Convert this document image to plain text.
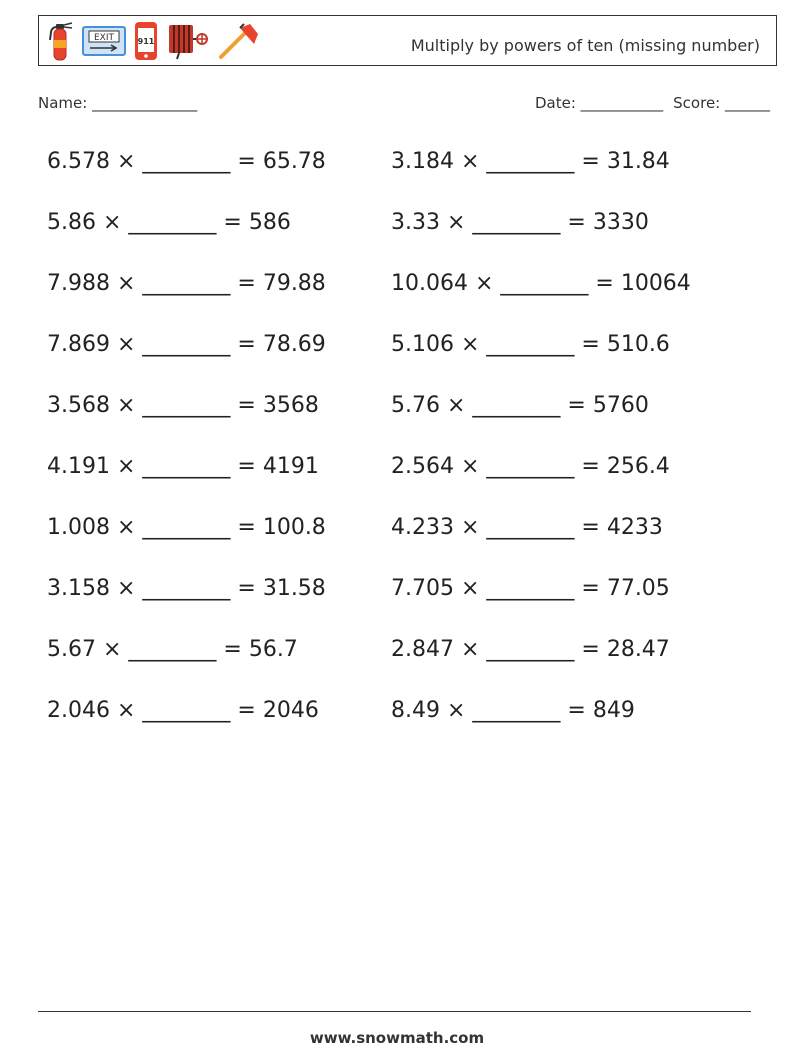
EXIT	911	Multiply by powers of ten (missing number)
Name: ______________	Date: ___________ Score: ______
6.578 × ________ = 65.78
5.86 × ________ = 586
7.988 × ________ = 79.88
7.869 × ________ = 78.69
3.568 × ________ = 3568
4.191 × ________ = 4191
1.008 × ________ = 100.8
3.158 × ________ = 31.58
5.67 × ________ = 56.7
2.046 × ________ = 2046
3.184 × ________ = 31.84
3.33 × ________ = 3330
10.064 × ________ = 10064
5.106 × ________ = 510.6
5.76 × ________ = 5760
2.564 × ________ = 256.4
4.233 × ________ = 4233
7.705 × ________ = 77.05
2.847 × ________ = 28.47
8.49 × ________ = 849
www.snowmath.com
